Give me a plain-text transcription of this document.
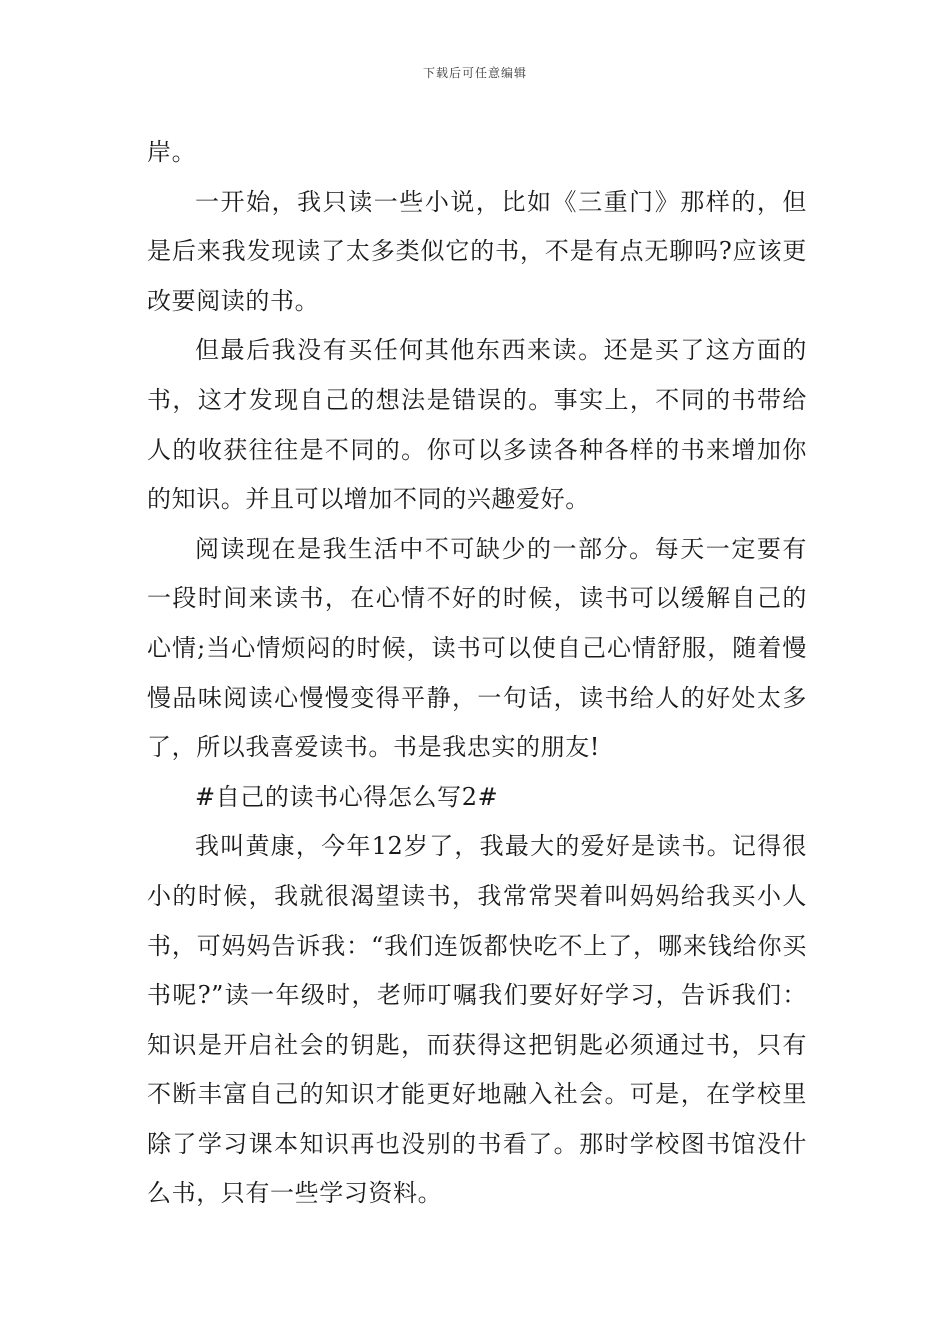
下载后可任意编辑

岸。

一开始，我只读一些小说，比如《三重门》那样的，但是后来我发现读了太多类似它的书，不是有点无聊吗?应该更改要阅读的书。

但最后我没有买任何其他东西来读。还是买了这方面的书，这才发现自己的想法是错误的。事实上，不同的书带给人的收获往往是不同的。你可以多读各种各样的书来增加你的知识。并且可以增加不同的兴趣爱好。

阅读现在是我生活中不可缺少的一部分。每天一定要有一段时间来读书，在心情不好的时候，读书可以缓解自己的心情;当心情烦闷的时候，读书可以使自己心情舒服，随着慢慢品味阅读心慢慢变得平静，一句话，读书给人的好处太多了，所以我喜爱读书。书是我忠实的朋友!

#自己的读书心得怎么写2#

我叫黄康，今年12岁了，我最大的爱好是读书。记得很小的时候，我就很渴望读书，我常常哭着叫妈妈给我买小人书，可妈妈告诉我：“我们连饭都快吃不上了，哪来钱给你买书呢?”读一年级时，老师叮嘱我们要好好学习，告诉我们：知识是开启社会的钥匙，而获得这把钥匙必须通过书，只有不断丰富自己的知识才能更好地融入社会。可是，在学校里除了学习课本知识再也没别的书看了。那时学校图书馆没什么书，只有一些学习资料。
